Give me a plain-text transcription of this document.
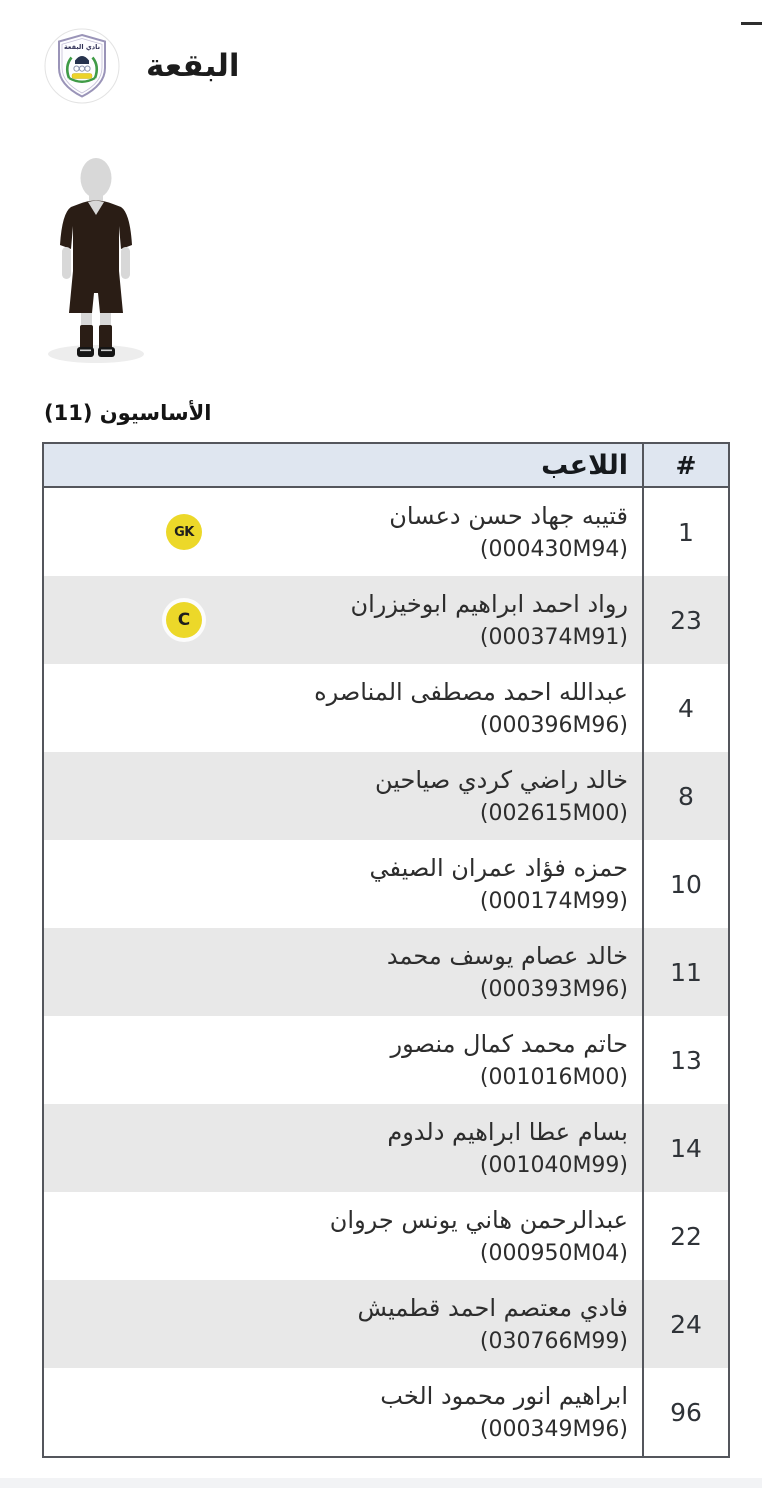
نادي البقعة
البقعة
الأساسيون (11)
اللاعب #
GK
قتيبه جهاد حسن دعسان
(000430M94)
1
C
رواد احمد ابراهيم ابوخيزران
(000374M91)
23
عبدالله احمد مصطفى المناصره
(000396M96)
4
خالد راضي كردي صياحين
(002615M00)
8
حمزه فؤاد عمران الصيفي
(000174M99)
10
خالد عصام يوسف محمد
(000393M96)
11
حاتم محمد كمال منصور
(001016M00)
13
بسام عطا ابراهيم دلدوم
(001040M99)
14
عبدالرحمن هاني يونس جروان
(000950M04)
22
فادي معتصم احمد قطميش
(030766M99)
24
ابراهيم انور محمود الخب
(000349M96)
96
